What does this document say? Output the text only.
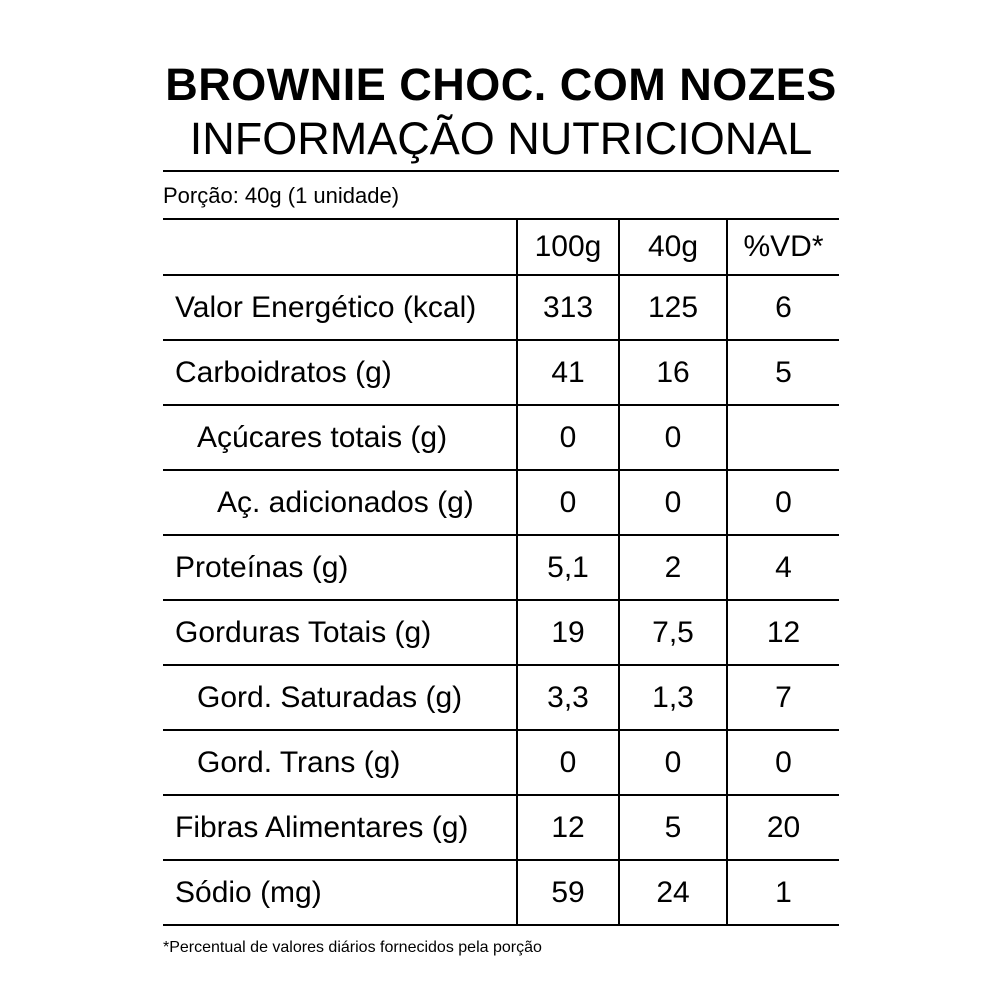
BROWNIE CHOC. COM NOZES
INFORMAÇÃO NUTRICIONAL
Porção: 40g (1 unidade)
	100g	40g	%VD*
Valor Energético (kcal)	313	125	6
Carboidratos (g)	41	16	5
Açúcares totais (g)	0	0	
Aç. adicionados (g)	0	0	0
Proteínas (g)	5,1	2	4
Gorduras Totais (g)	19	7,5	12
Gord. Saturadas (g)	3,3	1,3	7
Gord. Trans (g)	0	0	0
Fibras Alimentares (g)	12	5	20
Sódio (mg)	59	24	1
*Percentual de valores diários fornecidos pela porção
